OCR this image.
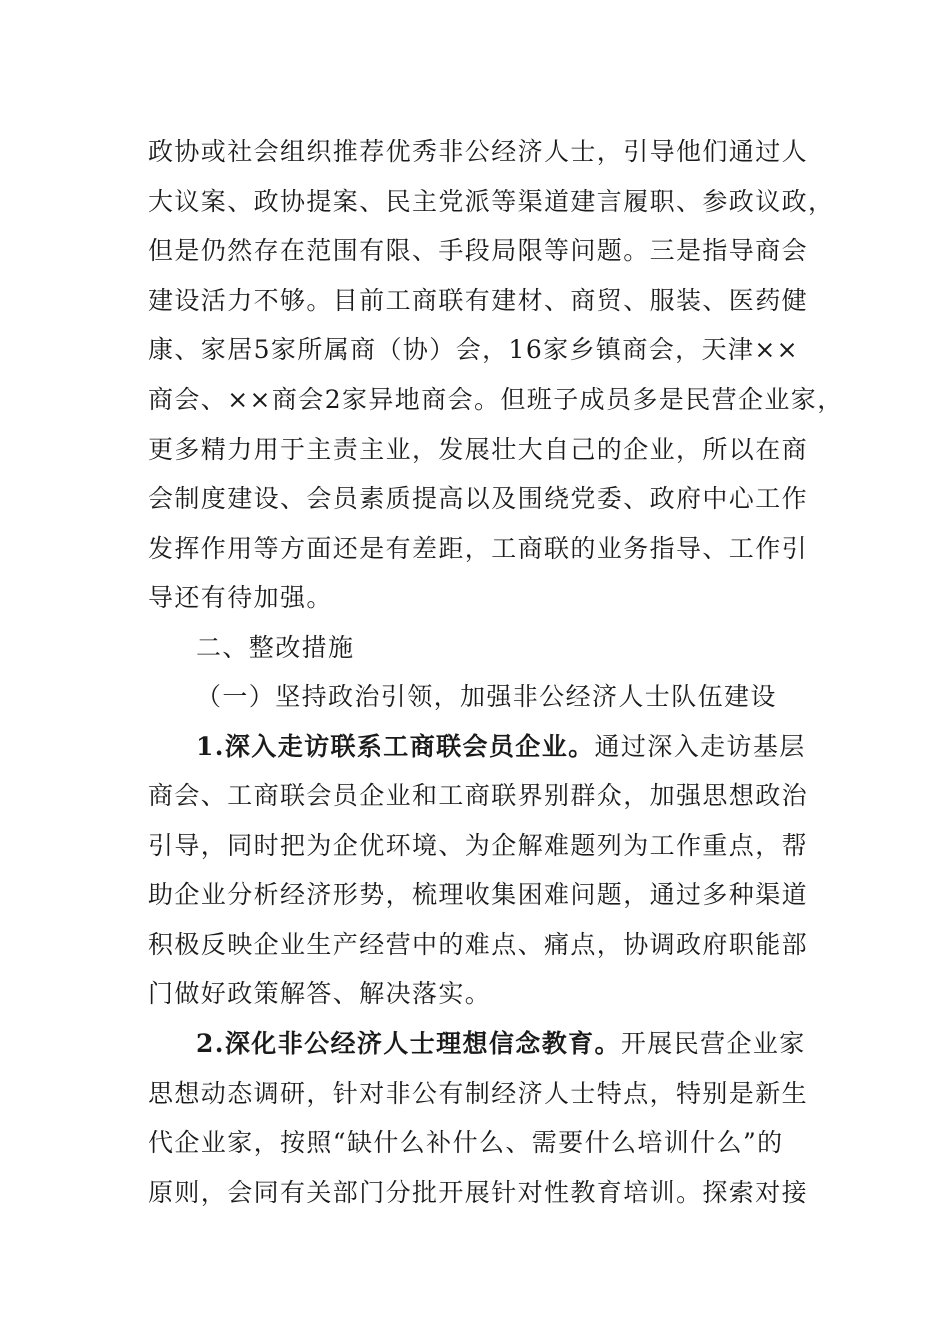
政协或社会组织推荐优秀非公经济人士，引导他们通过人
大议案、政协提案、民主党派等渠道建言履职、参政议政，
但是仍然存在范围有限、手段局限等问题。三是指导商会
建设活力不够。目前工商联有建材、商贸、服装、医药健
康、家居5家所属商（协）会，16家乡镇商会，天津××
商会、××商会2家异地商会。但班子成员多是民营企业家，
更多精力用于主责主业，发展壮大自己的企业，所以在商
会制度建设、会员素质提高以及围绕党委、政府中心工作
发挥作用等方面还是有差距，工商联的业务指导、工作引
导还有待加强。
二、整改措施
（一）坚持政治引领，加强非公经济人士队伍建设
1.深入走访联系工商联会员企业。通过深入走访基层
商会、工商联会员企业和工商联界别群众，加强思想政治
引导，同时把为企优环境、为企解难题列为工作重点，帮
助企业分析经济形势，梳理收集困难问题，通过多种渠道
积极反映企业生产经营中的难点、痛点，协调政府职能部
门做好政策解答、解决落实。
2.深化非公经济人士理想信念教育。开展民营企业家
思想动态调研，针对非公有制经济人士特点，特别是新生
代企业家，按照“缺什么补什么、需要什么培训什么”的
原则，会同有关部门分批开展针对性教育培训。探索对接
